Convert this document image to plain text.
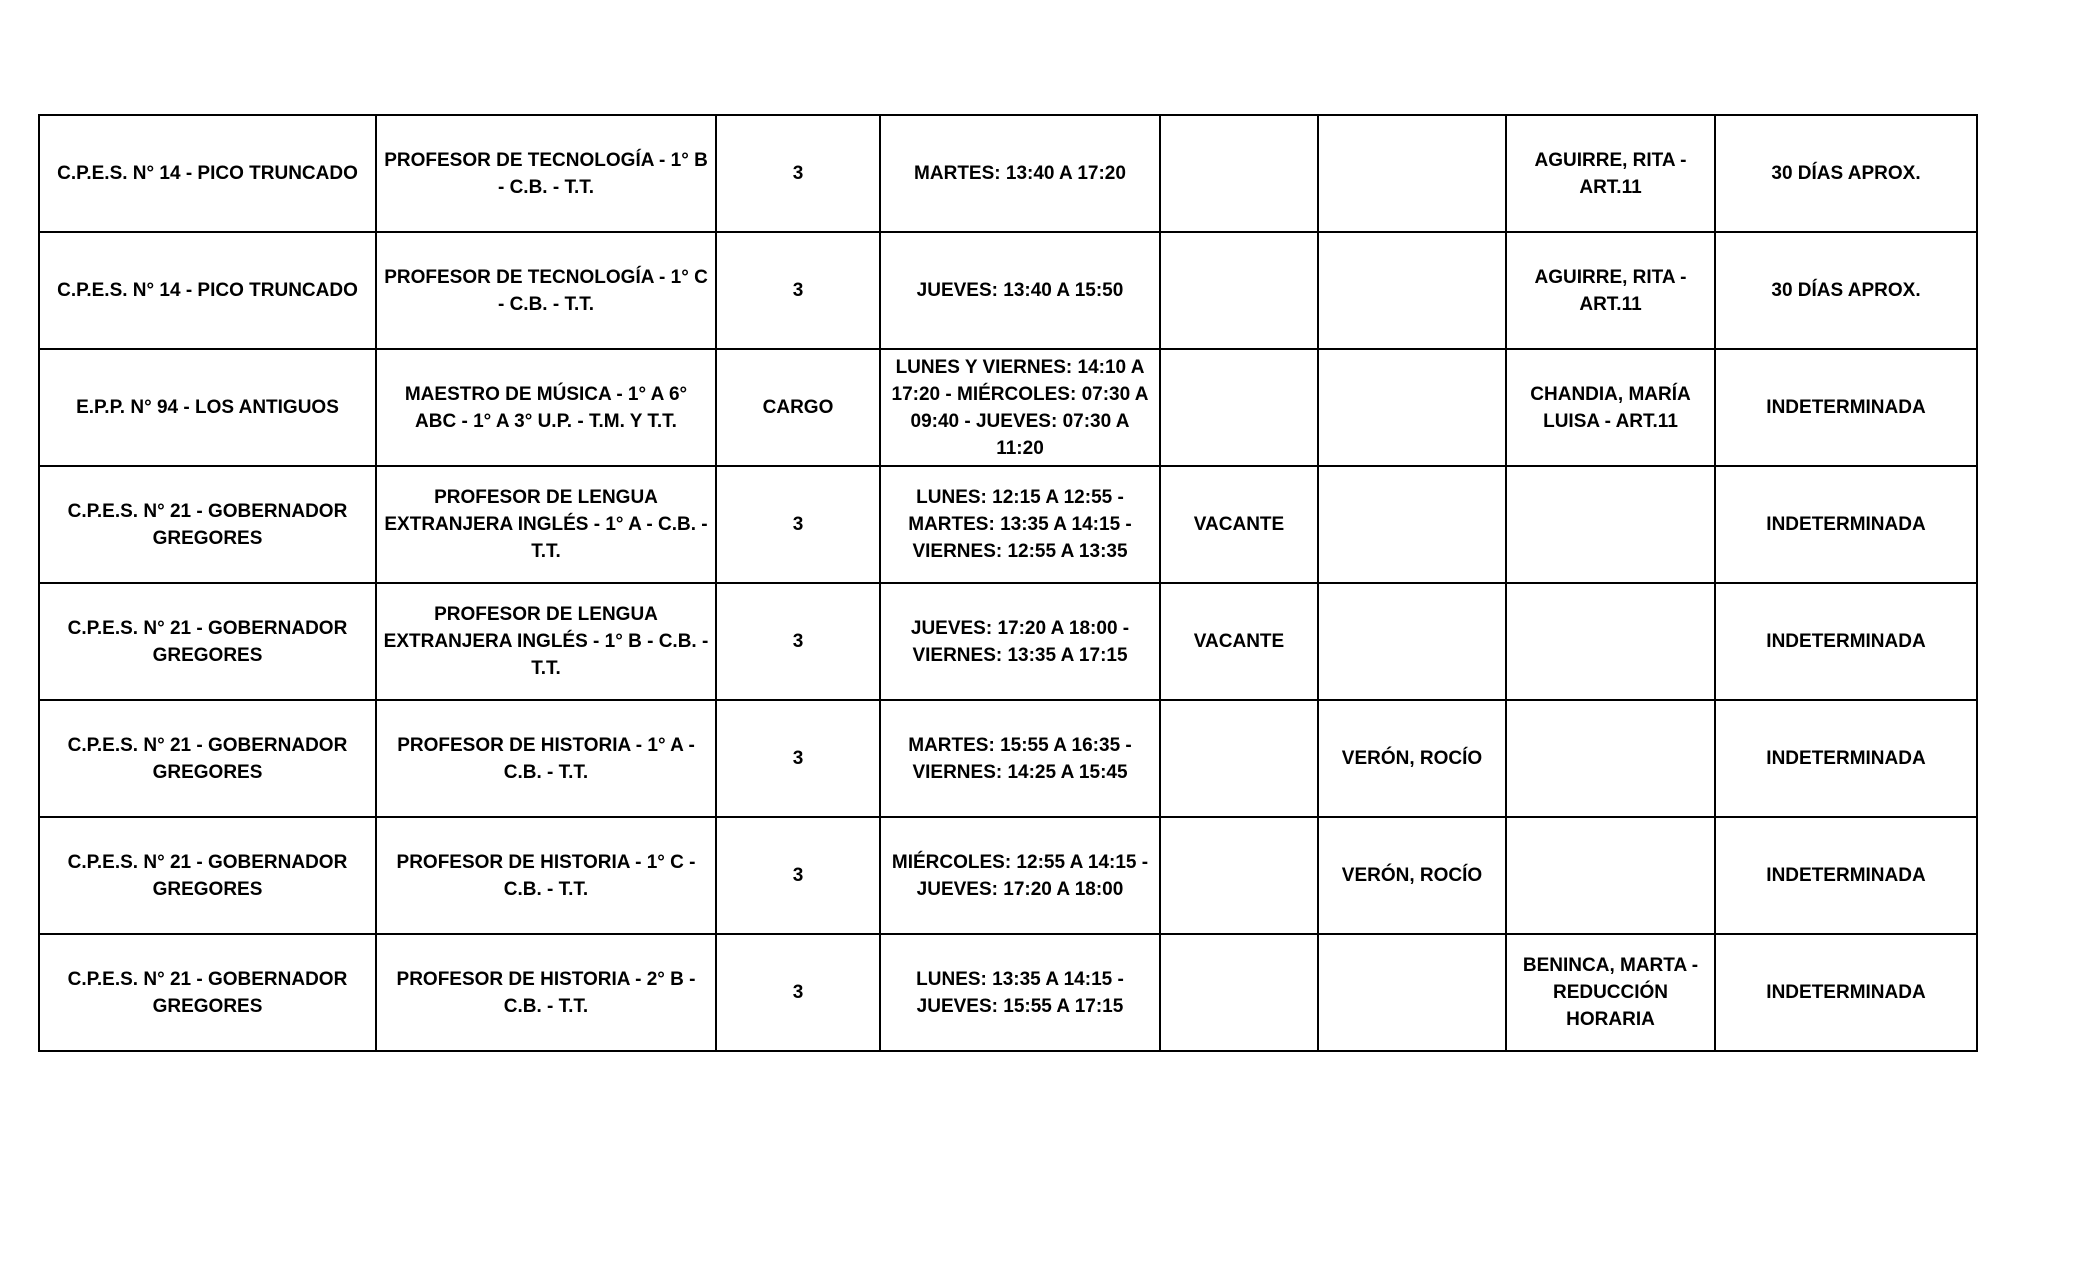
C.P.E.S. N° 14 - PICO TRUNCADO	PROFESOR DE TECNOLOGÍA - 1° B - C.B. - T.T.	3	MARTES: 13:40 A 17:20			AGUIRRE, RITA - ART.11	30 DÍAS APROX.
C.P.E.S. N° 14 - PICO TRUNCADO	PROFESOR DE TECNOLOGÍA - 1° C - C.B. - T.T.	3	JUEVES: 13:40 A 15:50			AGUIRRE, RITA - ART.11	30 DÍAS APROX.
E.P.P. N° 94 - LOS ANTIGUOS	MAESTRO DE MÚSICA - 1° A 6° ABC - 1° A 3° U.P. - T.M. Y T.T.	CARGO	LUNES Y VIERNES: 14:10 A 17:20 - MIÉRCOLES: 07:30 A 09:40 - JUEVES: 07:30 A 11:20			CHANDIA, MARÍA LUISA - ART.11	INDETERMINADA
C.P.E.S. N° 21 - GOBERNADOR GREGORES	PROFESOR DE LENGUA EXTRANJERA INGLÉS - 1° A - C.B. - T.T.	3	LUNES: 12:15 A 12:55 - MARTES: 13:35 A 14:15 - VIERNES: 12:55 A 13:35	VACANTE			INDETERMINADA
C.P.E.S. N° 21 - GOBERNADOR GREGORES	PROFESOR DE LENGUA EXTRANJERA INGLÉS - 1° B - C.B. - T.T.	3	JUEVES: 17:20 A 18:00 - VIERNES: 13:35 A 17:15	VACANTE			INDETERMINADA
C.P.E.S. N° 21 - GOBERNADOR GREGORES	PROFESOR DE HISTORIA - 1° A - C.B. - T.T.	3	MARTES: 15:55 A 16:35 - VIERNES: 14:25 A 15:45		VERÓN, ROCÍO		INDETERMINADA
C.P.E.S. N° 21 - GOBERNADOR GREGORES	PROFESOR DE HISTORIA - 1° C - C.B. - T.T.	3	MIÉRCOLES: 12:55 A 14:15 - JUEVES: 17:20 A 18:00		VERÓN, ROCÍO		INDETERMINADA
C.P.E.S. N° 21 - GOBERNADOR GREGORES	PROFESOR DE HISTORIA - 2° B - C.B. - T.T.	3	LUNES: 13:35 A 14:15 - JUEVES: 15:55 A 17:15			BENINCA, MARTA - REDUCCIÓN HORARIA	INDETERMINADA
